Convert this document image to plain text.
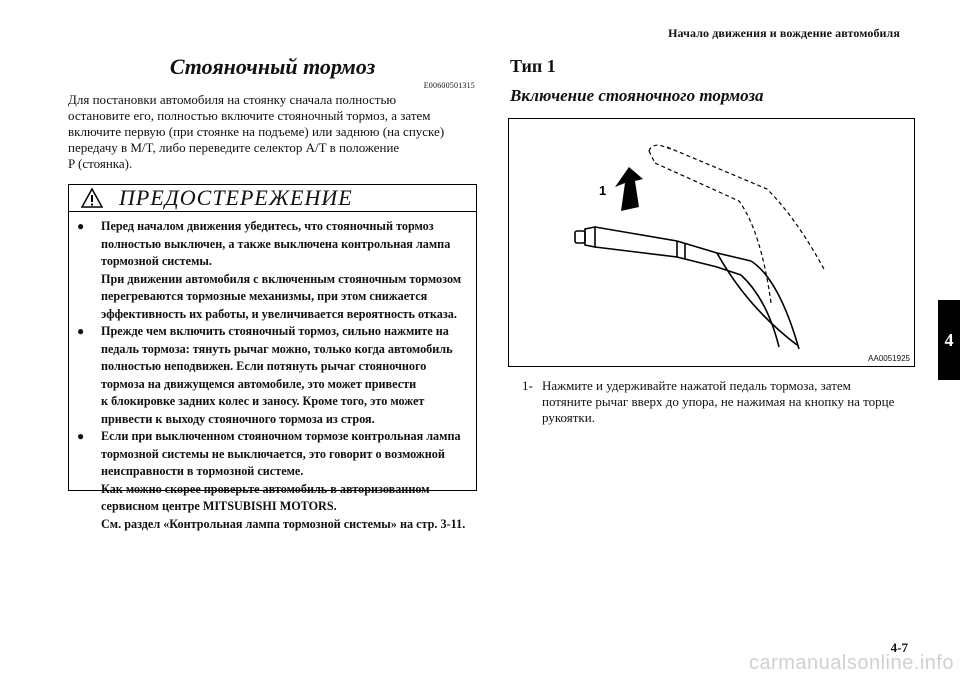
Начало движения и вождение автомобиля
Стояночный тормоз
E00600501315

Для постановки автомобиля на стоянку сначала полностью
остановите его, полностью включите стояночный тормоз, а затем
включите первую (при стоянке на подъеме) или заднюю (на спуске)
передачу в M/T, либо переведите селектор A/T в положение
P (стоянка).

ПРЕДОСТЕРЕЖЕНИЕ
●	Перед началом движения убедитесь, что стояночный тормоз
полностью выключен, а также выключена контрольная лампа
тормозной системы.
При движении автомобиля с включенным стояночным тормозом
перегреваются тормозные механизмы, при этом снижается
эффективность их работы, и увеличивается вероятность отказа.
●	Прежде чем включить стояночный тормоз, сильно нажмите на
педаль тормоза: тянуть рычаг можно, только когда автомобиль
полностью неподвижен. Если потянуть рычаг стояночного
тормоза на движущемся автомобиле, это может привести
к блокировке задних колес и заносу. Кроме того, это может
привести к выходу стояночного тормоза из строя.
●	Если при выключенном стояночном тормозе контрольная лампа
тормозной системы не выключается, это говорит о возможной
неисправности в тормозной системе.
Как можно скорее проверьте автомобиль в авторизованном
сервисном центре MITSUBISHI MOTORS.
См. раздел «Контрольная лампа тормозной системы» на стр. 3-11.
Тип 1
Включение стояночного тормоза
1
AA0051925
1- Нажмите и удерживайте нажатой педаль тормоза, затем
потяните рычаг вверх до упора, не нажимая на кнопку на торце
рукоятки.
4
4-7
carmanualsonline.info
